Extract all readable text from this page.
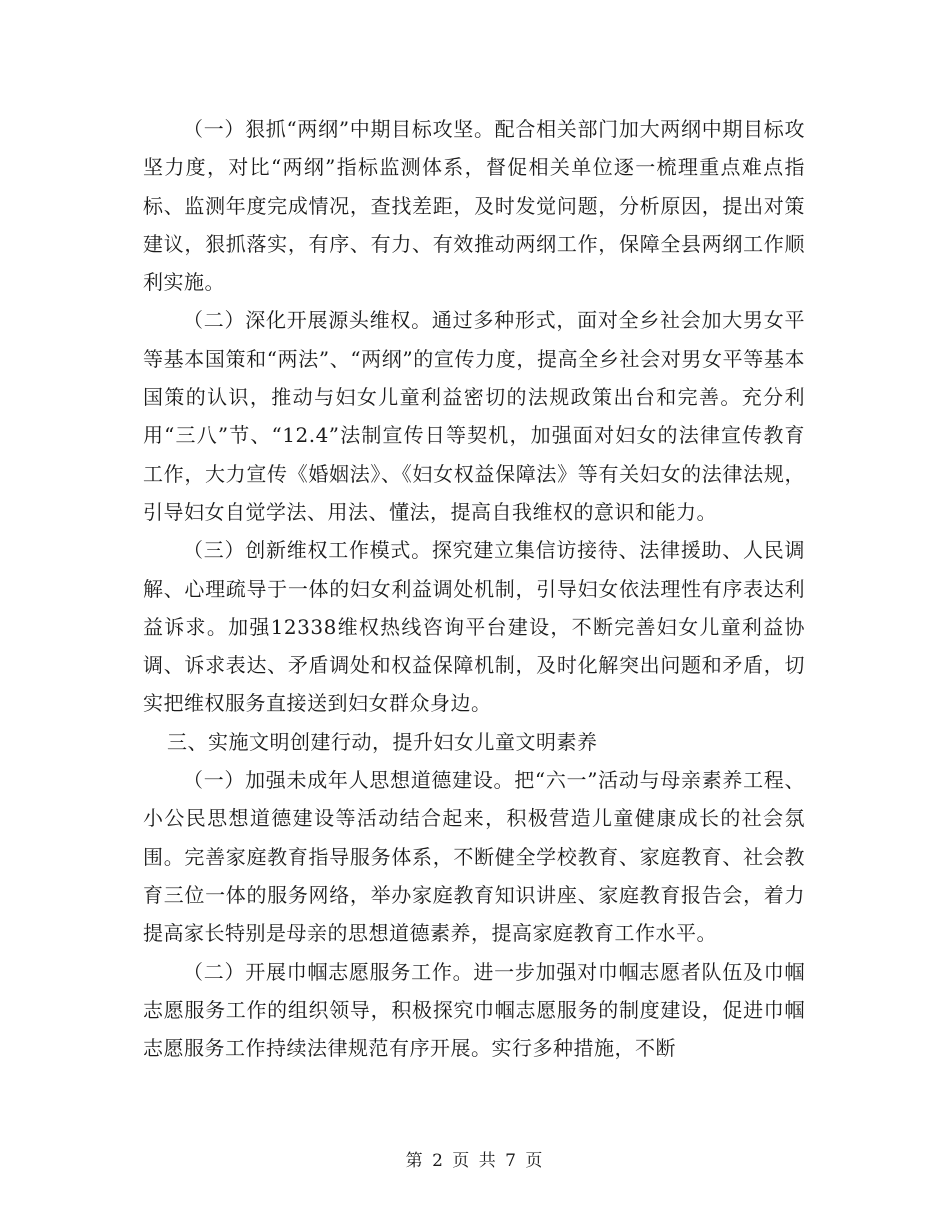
（一）狠抓“两纲”中期目标攻坚。配合相关部门加大两纲中期目标攻坚力度，对比“两纲”指标监测体系，督促相关单位逐一梳理重点难点指标、监测年度完成情况，查找差距，及时发觉问题，分析原因，提出对策建议，狠抓落实，有序、有力、有效推动两纲工作，保障全县两纲工作顺利实施。

（二）深化开展源头维权。通过多种形式，面对全乡社会加大男女平等基本国策和“两法”、“两纲”的宣传力度，提高全乡社会对男女平等基本国策的认识，推动与妇女儿童利益密切的法规政策出台和完善。充分利用“三八”节、“12.4”法制宣传日等契机，加强面对妇女的法律宣传教育工作，大力宣传《婚姻法》、《妇女权益保障法》等有关妇女的法律法规，引导妇女自觉学法、用法、懂法，提高自我维权的意识和能力。

（三）创新维权工作模式。探究建立集信访接待、法律援助、人民调解、心理疏导于一体的妇女利益调处机制，引导妇女依法理性有序表达利益诉求。加强12338维权热线咨询平台建设，不断完善妇女儿童利益协调、诉求表达、矛盾调处和权益保障机制，及时化解突出问题和矛盾，切实把维权服务直接送到妇女群众身边。

三、实施文明创建行动，提升妇女儿童文明素养

（一）加强未成年人思想道德建设。把“六一”活动与母亲素养工程、小公民思想道德建设等活动结合起来，积极营造儿童健康成长的社会氛围。完善家庭教育指导服务体系，不断健全学校教育、家庭教育、社会教育三位一体的服务网络，举办家庭教育知识讲座、家庭教育报告会，着力提高家长特别是母亲的思想道德素养，提高家庭教育工作水平。

（二）开展巾帼志愿服务工作。进一步加强对巾帼志愿者队伍及巾帼志愿服务工作的组织领导，积极探究巾帼志愿服务的制度建设，促进巾帼志愿服务工作持续法律规范有序开展。实行多种措施，不断

第 2 页 共 7 页
